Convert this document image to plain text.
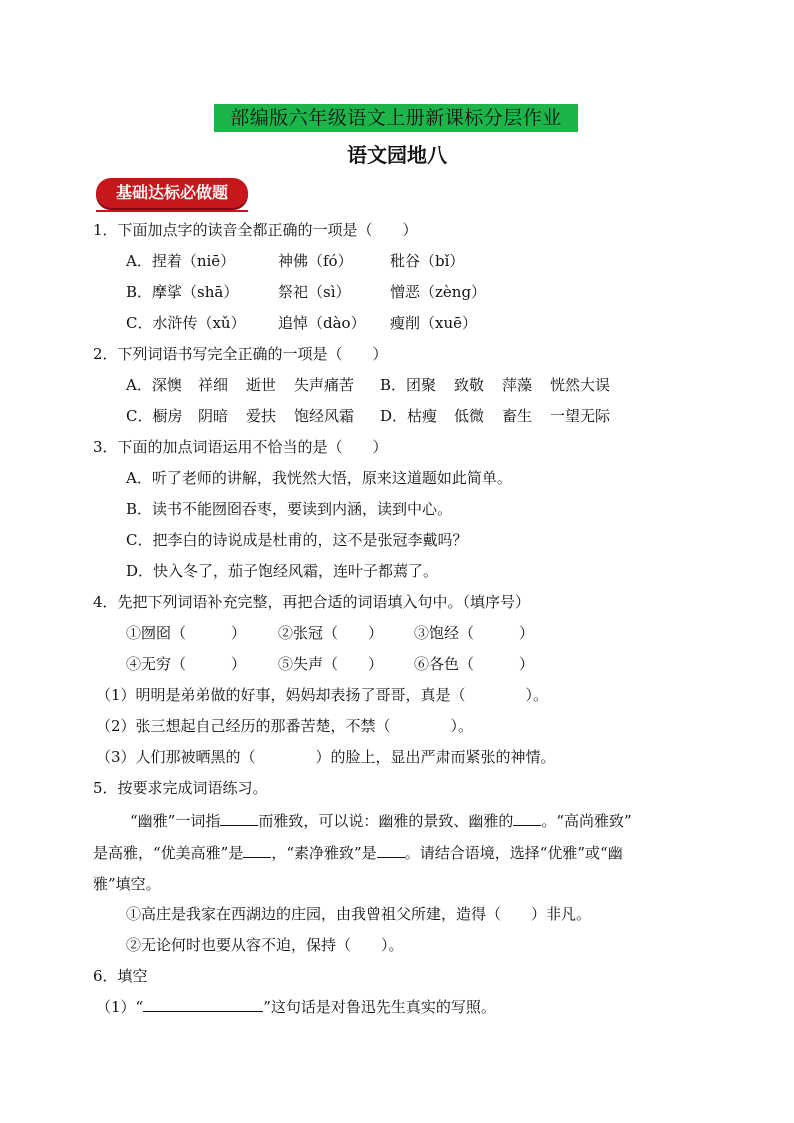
部编版六年级语文上册新课标分层作业
语文园地八
基础达标必做题
1．下面加点字的读音全都正确的一项是（　　）
A．捏着（niē）	神佛（fó） 秕谷（bǐ）
B．摩挲（shā）	祭祀（sì）	憎恶（zèng）
C．水浒传（xǔ） 追悼（dào） 瘦削（xuē）
2．下列词语书写完全正确的一项是（　　）
A．深懊 祥细 逝世 失声痛苦 B．团聚 致敬 萍藻 恍然大误
C．橱房 阴暗 爱扶 饱经风霜 D．枯瘦 低微 畜生 一望无际
3．下面的加点词语运用不恰当的是（　　）
A．听了老师的讲解，我恍然大悟，原来这道题如此简单。
B．读书不能囫囵吞枣，要读到内涵，读到中心。
C．把李白的诗说成是杜甫的，这不是张冠李戴吗？
D．快入冬了，茄子饱经风霜，连叶子都蔫了。
4．先把下列词语补充完整，再把合适的词语填入句中。（填序号）
①囫囵（　　　） ②张冠（　　） ③饱经（　　　）
④无穷（　　　） ⑤失声（　　） ⑥各色（　　　）
（1）明明是弟弟做的好事，妈妈却表扬了哥哥，真是（　　　　）。
（2）张三想起自己经历的那番苦楚，不禁（　　　　）。
（3）人们那被晒黑的（　　　　）的脸上，显出严肃而紧张的神情。
5．按要求完成词语练习。
“幽雅”一词指	而雅致，可以说：幽雅的景致、幽雅的 。“高尚雅致”
是高雅，“优美高雅”是 ，“素净雅致”是 。请结合语境，选择“优雅”或“幽
雅”填空。
①高庄是我家在西湖边的庄园，由我曾祖父所建，造得（　　）非凡。
②无论何时也要从容不迫，保持（　　）。
6．填空
（1）“	”这句话是对鲁迅先生真实的写照。
